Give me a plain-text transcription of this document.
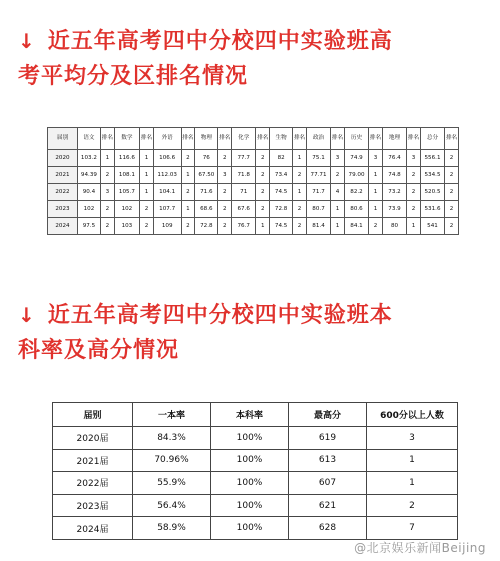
↓ 近五年高考四中分校四中实验班高
考平均分及区排名情况
届别	语文	排名	数学	排名	外语	排名	物理	排名	化学	排名	生物	排名	政治	排名	历史	排名	地理	排名	总分	排名
2020	103.2	1	116.6	1	106.6	2	76	2	77.7	2	82	1	75.1	3	74.9	3	76.4	3	556.1	2
2021	94.39	2	108.1	1	112.03	1	67.50	3	71.8	2	73.4	2	77.71	2	79.00	1	74.8	2	534.5	2
2022	90.4	3	105.7	1	104.1	2	71.6	2	71	2	74.5	1	71.7	4	82.2	1	73.2	2	520.5	2
2023	102	2	102	2	107.7	1	68.6	2	67.6	2	72.8	2	80.7	1	80.6	1	73.9	2	531.6	2
2024	97.5	2	103	2	109	2	72.8	2	76.7	1	74.5	2	81.4	1	84.1	2	80	1	541	2
↓ 近五年高考四中分校四中实验班本
科率及高分情况
届别	一本率	本科率	最高分	600分以上人数
2020届	84.3%	100%	619	3
2021届	70.96%	100%	613	1
2022届	55.9%	100%	607	1
2023届	56.4%	100%	621	2
2024届	58.9%	100%	628	7
@北京娱乐新闻Beijing
